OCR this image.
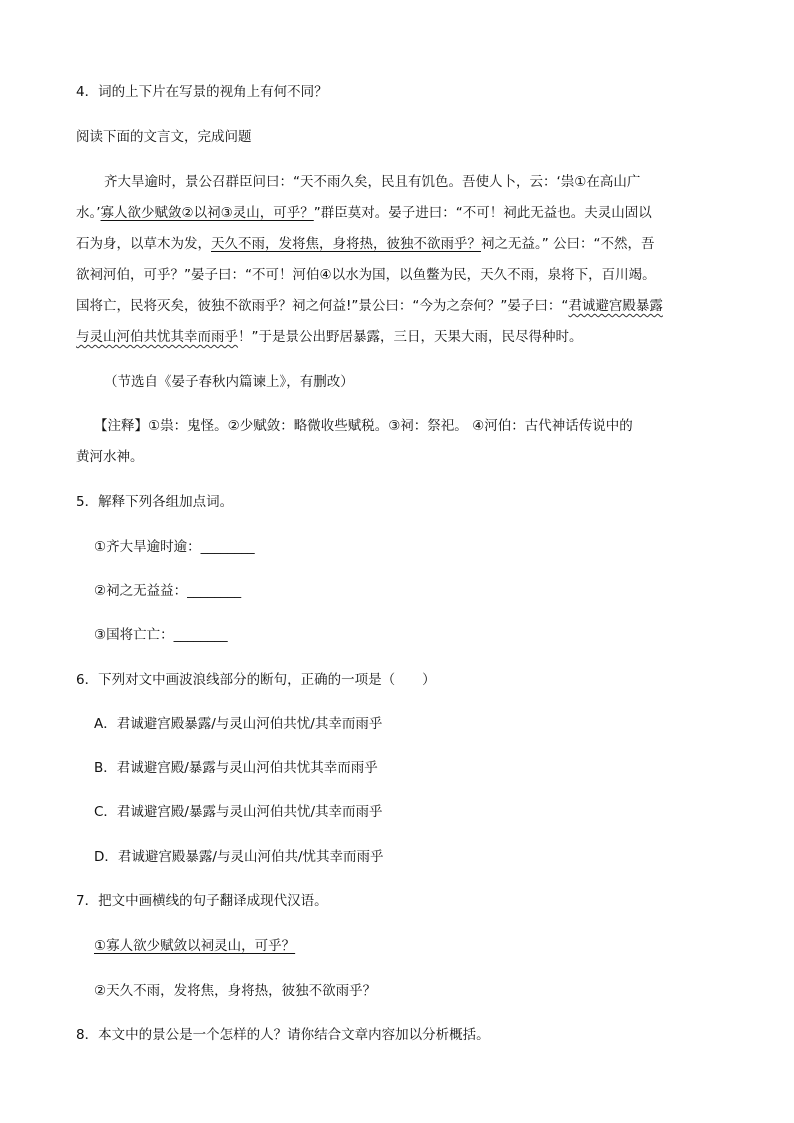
4．词的上下片在写景的视角上有何不同？
阅读下面的文言文，完成问题
齐大旱逾时，景公召群臣问曰：“天不雨久矣，民且有饥色。吾使人卜，云：‘祟①在高山广
水。’寡人欲少赋敛②以祠③灵山，可乎？”群臣莫对。晏子进曰：“不可！祠此无益也。夫灵山固以
石为身，以草木为发，天久不雨，发将焦，身将热，彼独不欲雨乎？祠之无益。” 公曰：“不然，吾
欲祠河伯，可乎？”晏子曰：“不可！河伯④以水为国，以鱼鳖为民，天久不雨，泉将下，百川竭。
国将亡，民将灭矣，彼独不欲雨乎？祠之何益!”景公曰：“今为之奈何？”晏子曰：“君诚避宫殿暴露
与灵山河伯共忧其幸而雨乎！”于是景公出野居暴露，三日，天果大雨，民尽得种时。
（节选自《晏子春秋内篇谏上》，有删改）
【注释】①祟：鬼怪。②少赋敛：略微收些赋税。③祠：祭祀。 ④河伯：古代神话传说中的
黄河水神。
5．解释下列各组加点词。
①齐大旱逾时逾：________
②祠之无益益：________
③国将亡亡：________
6．下列对文中画波浪线部分的断句，正确的一项是（　　）
A．君诚避宫殿暴露/与灵山河伯共忧/其幸而雨乎
B．君诚避宫殿/暴露与灵山河伯共忧其幸而雨乎
C．君诚避宫殿/暴露与灵山河伯共忧/其幸而雨乎
D．君诚避宫殿暴露/与灵山河伯共/忧其幸而雨乎
7．把文中画横线的句子翻译成现代汉语。
①寡人欲少赋敛以祠灵山，可乎？
②天久不雨，发将焦，身将热，彼独不欲雨乎？
8．本文中的景公是一个怎样的人？请你结合文章内容加以分析概括。
